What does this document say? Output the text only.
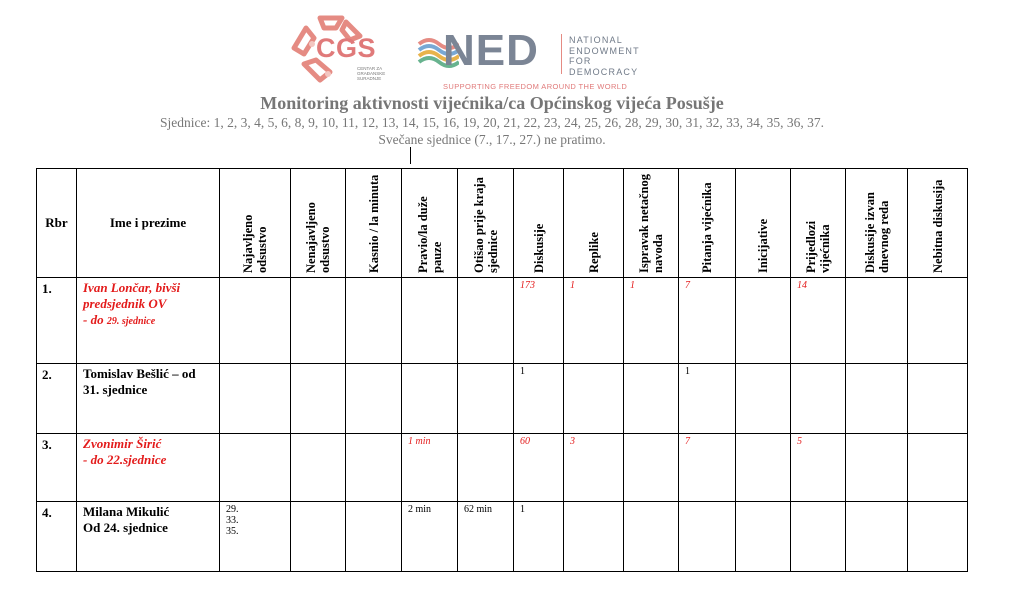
CGS
CENTAR ZA GRAĐANSKE SURADNJE
NED	NATIONAL
ENDOWMENT
FOR
DEMOCRACY
SUPPORTING FREEDOM AROUND THE WORLD
Monitoring aktivnosti vijećnika/ca Općinskog vijeća Posušje
Sjednice: 1, 2, 3, 4, 5, 6, 8, 9, 10, 11, 12, 13, 14, 15, 16, 19, 20, 21, 22, 23, 24, 25, 26, 28, 29, 30, 31, 32, 33, 34, 35, 36, 37.
Svečane sjednice (7., 17., 27.) ne pratimo.
Rbr	Ime i prezime	Najavljeno odsustvo	Nenajavljeno odsustvo	Kasnio / la minuta	Pravio/la duže pauze	Otišao prije kraja sjednice	Diskusije	Replike	Ispravak netačnog navoda	Pitanja vijećnika	Inicijative	Prijedlozi vijećnika	Diskusije izvan dnevnog reda	Nebitna diskusija

1.	Ivan Lončar, bivši predsjednik OV
- do 29. sjednice						173	1	1	7		14		
2.	Tomislav Bešlić – od 31. sjednice						1			1				
3.	Zvonimir Širić
- do 22.sjednice				1 min		60	3		7		5		
4.	Milana Mikulić
Od 24. sjednice	29.
33.
35.			2 min	62 min	1							
